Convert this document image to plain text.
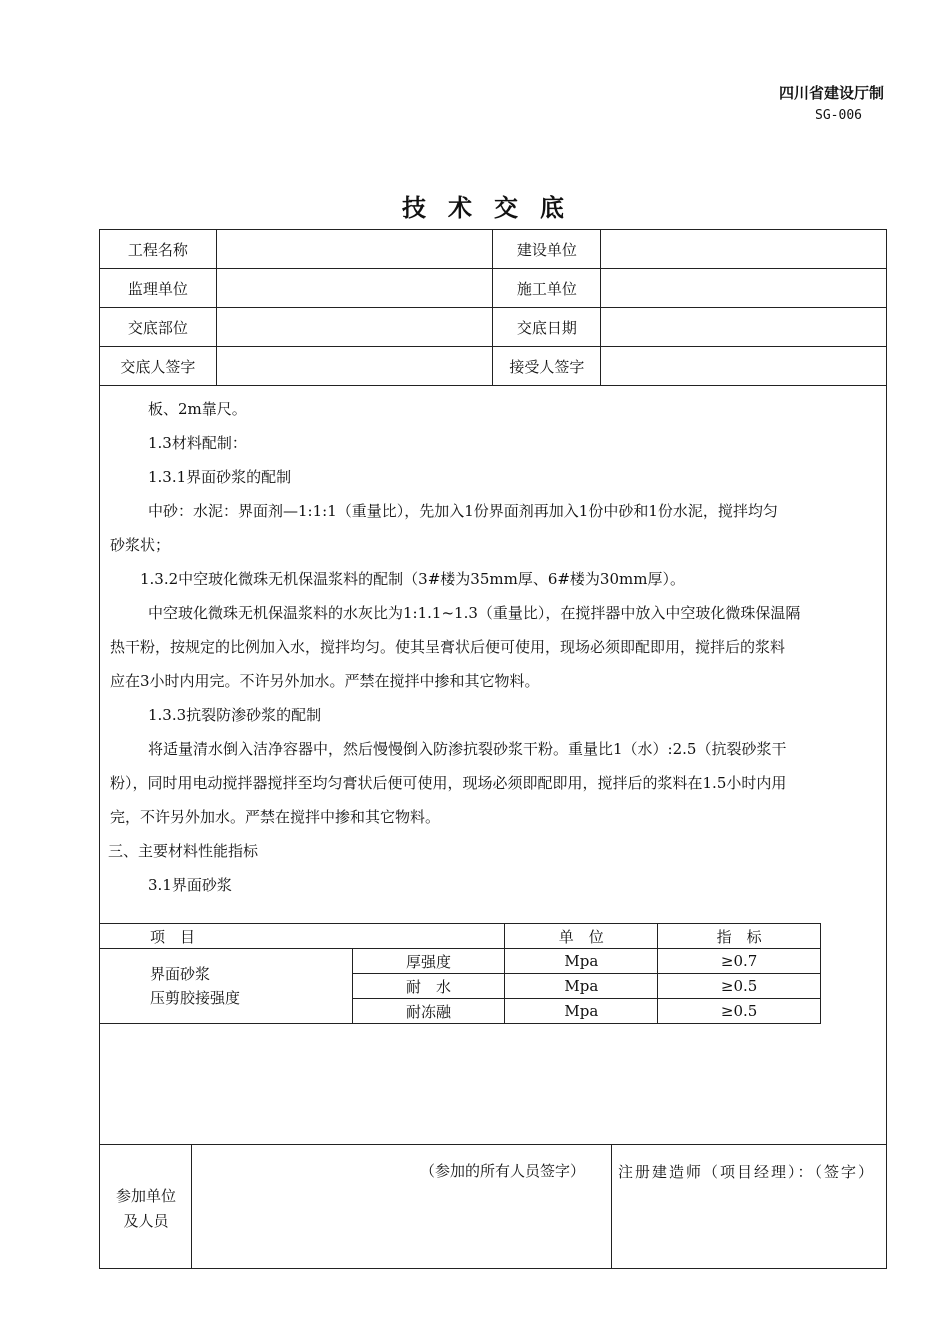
四川省建设厅制
SG-006
技术交底
工程名称		建设单位	
监理单位		施工单位	
交底部位		交底日期	
交底人签字		接受人签字	

板、2m靠尺。

1.3材料配制：

1.3.1界面砂浆的配制

中砂：水泥：界面剂—1:1:1（重量比），先加入1份界面剂再加入1份中砂和1份水泥，搅拌均匀

砂浆状；

1.3.2中空玻化微珠无机保温浆料的配制（3#楼为35mm厚、6#楼为30mm厚）。

中空玻化微珠无机保温浆料的水灰比为1:1.1~1.3（重量比），在搅拌器中放入中空玻化微珠保温隔

热干粉，按规定的比例加入水，搅拌均匀。使其呈膏状后便可使用，现场必须即配即用，搅拌后的浆料

应在3小时内用完。不许另外加水。严禁在搅拌中掺和其它物料。

1.3.3抗裂防渗砂浆的配制

将适量清水倒入洁净容器中，然后慢慢倒入防渗抗裂砂浆干粉。重量比1（水）:2.5（抗裂砂浆干

粉），同时用电动搅拌器搅拌至均匀膏状后便可使用，现场必须即配即用，搅拌后的浆料在1.5小时内用

完，不许另外加水。严禁在搅拌中掺和其它物料。

三、主要材料性能指标

3.1界面砂浆

项　目		单　位	指　标

界面砂浆
压剪胶接强度	厚强度	Mpa	≥0.7
	耐　水	Mpa	≥0.5
	耐冻融	Mpa	≥0.5
参加单位
及人员
（参加的所有人员签字） 注册建造师（项目经理）：（签字）
